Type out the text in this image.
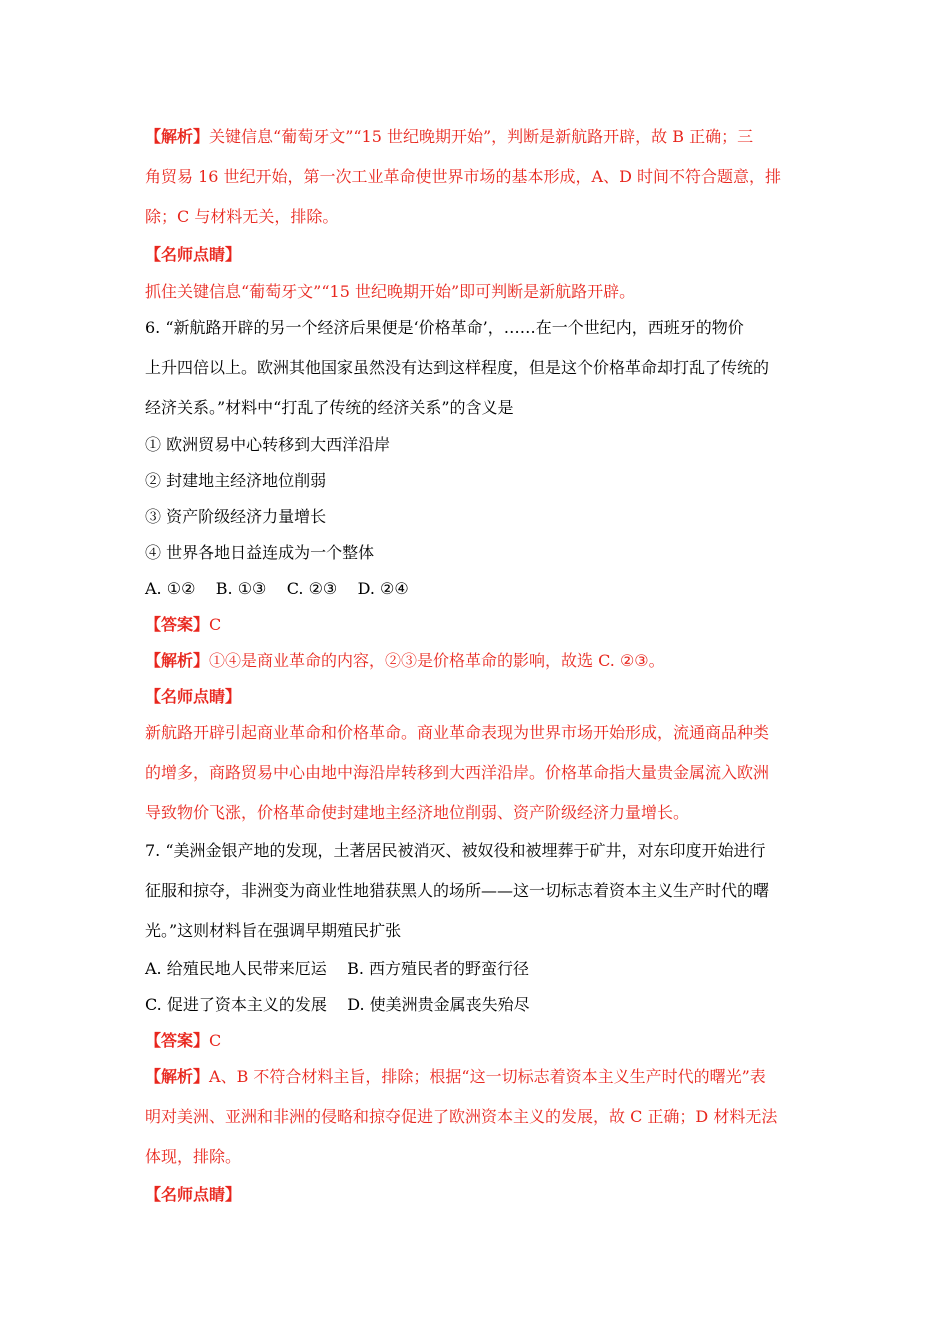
【解析】关键信息“葡萄牙文”“15 世纪晚期开始”，判断是新航路开辟，故 B 正确；三
角贸易 16 世纪开始，第一次工业革命使世界市场的基本形成，A、D 时间不符合题意，排
除；C 与材料无关，排除。
【名师点睛】
抓住关键信息“葡萄牙文”“15 世纪晚期开始”即可判断是新航路开辟。
6. “新航路开辟的另一个经济后果便是‘价格革命’，……在一个世纪内，西班牙的物价
上升四倍以上。欧洲其他国家虽然没有达到这样程度，但是这个价格革命却打乱了传统的
经济关系。”材料中“打乱了传统的经济关系”的含义是
① 欧洲贸易中心转移到大西洋沿岸
② 封建地主经济地位削弱
③ 资产阶级经济力量增长
④ 世界各地日益连成为一个整体
A. ①②    B. ①③    C. ②③    D. ②④
【答案】C
【解析】①④是商业革命的内容，②③是价格革命的影响，故选 C. ②③。
【名师点睛】
新航路开辟引起商业革命和价格革命。商业革命表现为世界市场开始形成，流通商品种类
的增多，商路贸易中心由地中海沿岸转移到大西洋沿岸。价格革命指大量贵金属流入欧洲
导致物价飞涨，价格革命使封建地主经济地位削弱、资产阶级经济力量增长。
7. “美洲金银产地的发现，土著居民被消灭、被奴役和被埋葬于矿井，对东印度开始进行
征服和掠夺，非洲变为商业性地猎获黑人的场所——这一切标志着资本主义生产时代的曙
光。”这则材料旨在强调早期殖民扩张
A. 给殖民地人民带来厄运    B. 西方殖民者的野蛮行径
C. 促进了资本主义的发展    D. 使美洲贵金属丧失殆尽
【答案】C
【解析】A、B 不符合材料主旨，排除；根据“这一切标志着资本主义生产时代的曙光”表
明对美洲、亚洲和非洲的侵略和掠夺促进了欧洲资本主义的发展，故 C 正确；D 材料无法
体现，排除。
【名师点睛】
